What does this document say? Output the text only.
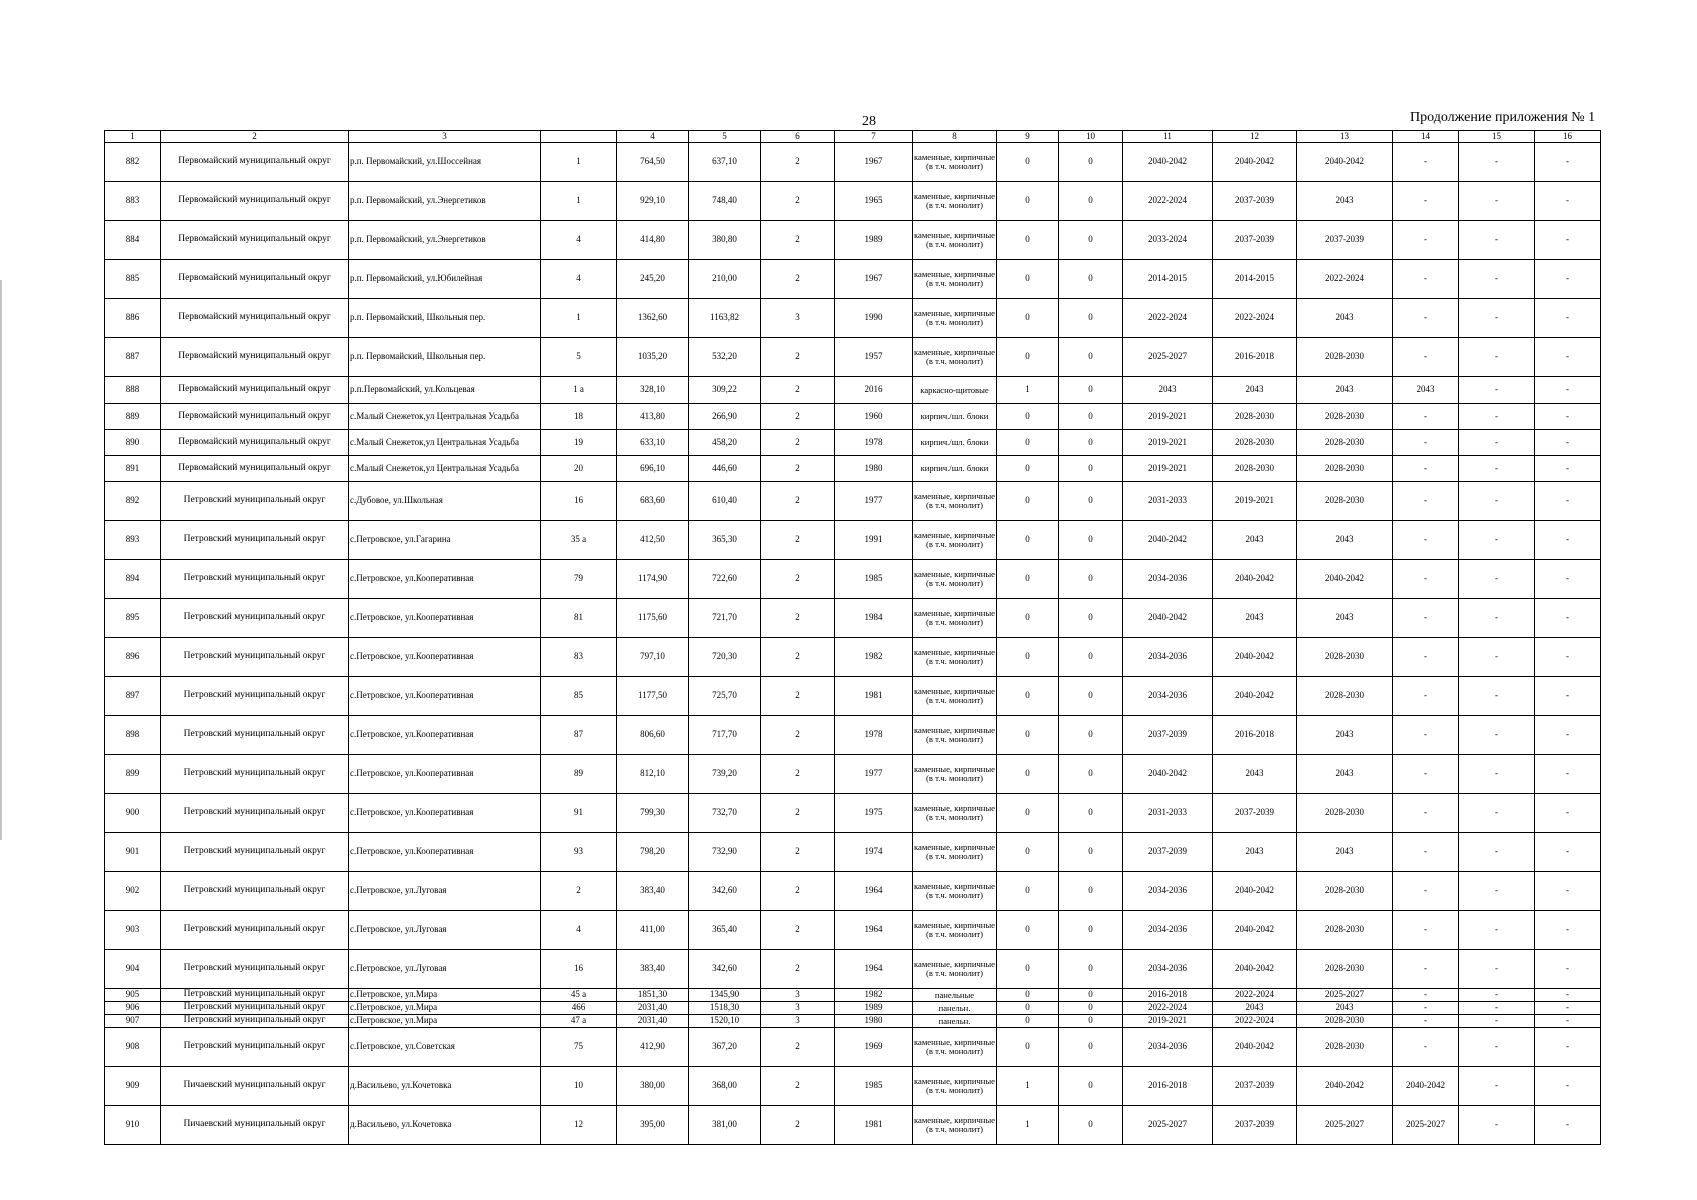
28	Продолжение приложения № 1
1	2	3		4	5	6	7	8	9	10	11	12	13	14	15	16
882	Первомайский муниципальный округ	р.п. Первомайский, ул.Шоссейная	1	764,50	637,10	2	1967	каменные, кирпичные (в т.ч. монолит)	0	0	2040-2042	2040-2042	2040-2042	-	-	-
883	Первомайский муниципальный округ	р.п. Первомайский, ул.Энергетиков	1	929,10	748,40	2	1965	каменные, кирпичные (в т.ч. монолит)	0	0	2022-2024	2037-2039	2043	-	-	-
884	Первомайский муниципальный округ	р.п. Первомайский, ул.Энергетиков	4	414,80	380,80	2	1989	каменные, кирпичные (в т.ч. монолит)	0	0	2033-2024	2037-2039	2037-2039	-	-	-
885	Первомайский муниципальный округ	р.п. Первомайский, ул.Юбилейная	4	245,20	210,00	2	1967	каменные, кирпичные (в т.ч. монолит)	0	0	2014-2015	2014-2015	2022-2024	-	-	-
886	Первомайский муниципальный округ	р.п. Первомайский, Школьныя пер.	1	1362,60	1163,82	3	1990	каменные, кирпичные (в т.ч. монолит)	0	0	2022-2024	2022-2024	2043	-	-	-
887	Первомайский муниципальный округ	р.п. Первомайский, Школьныя пер.	5	1035,20	532,20	2	1957	каменные, кирпичные (в т.ч. монолит)	0	0	2025-2027	2016-2018	2028-2030	-	-	-
888	Первомайский муниципальный округ	р.п.Первомайский, ул.Кольцевая	1 а	328,10	309,22	2	2016	каркасно-щитовые	1	0	2043	2043	2043	2043	-	-
889	Первомайский муниципальный округ	с.Малый Снежеток,ул Центральная Усадьба	18	413,80	266,90	2	1960	кирпич./шл. блоки	0	0	2019-2021	2028-2030	2028-2030	-	-	-
890	Первомайский муниципальный округ	с.Малый Снежеток,ул Центральная Усадьба	19	633,10	458,20	2	1978	кирпич./шл. блоки	0	0	2019-2021	2028-2030	2028-2030	-	-	-
891	Первомайский муниципальный округ	с.Малый Снежеток,ул Центральная Усадьба	20	696,10	446,60	2	1980	кирпич./шл. блоки	0	0	2019-2021	2028-2030	2028-2030	-	-	-
892	Петровский муниципальный округ	с.Дубовое, ул.Школьная	16	683,60	610,40	2	1977	каменные, кирпичные (в т.ч. монолит)	0	0	2031-2033	2019-2021	2028-2030	-	-	-
893	Петровский муниципальный округ	с.Петровское, ул.Гагарина	35 а	412,50	365,30	2	1991	каменные, кирпичные (в т.ч. монолит)	0	0	2040-2042	2043	2043	-	-	-
894	Петровский муниципальный округ	с.Петровское, ул.Кооперативная	79	1174,90	722,60	2	1985	каменные, кирпичные (в т.ч. монолит)	0	0	2034-2036	2040-2042	2040-2042	-	-	-
895	Петровский муниципальный округ	с.Петровское, ул.Кооперативная	81	1175,60	721,70	2	1984	каменные, кирпичные (в т.ч. монолит)	0	0	2040-2042	2043	2043	-	-	-
896	Петровский муниципальный округ	с.Петровское, ул.Кооперативная	83	797,10	720,30	2	1982	каменные, кирпичные (в т.ч. монолит)	0	0	2034-2036	2040-2042	2028-2030	-	-	-
897	Петровский муниципальный округ	с.Петровское, ул.Кооперативная	85	1177,50	725,70	2	1981	каменные, кирпичные (в т.ч. монолит)	0	0	2034-2036	2040-2042	2028-2030	-	-	-
898	Петровский муниципальный округ	с.Петровское, ул.Кооперативная	87	806,60	717,70	2	1978	каменные, кирпичные (в т.ч. монолит)	0	0	2037-2039	2016-2018	2043	-	-	-
899	Петровский муниципальный округ	с.Петровское, ул.Кооперативная	89	812,10	739,20	2	1977	каменные, кирпичные (в т.ч. монолит)	0	0	2040-2042	2043	2043	-	-	-
900	Петровский муниципальный округ	с.Петровское, ул.Кооперативная	91	799,30	732,70	2	1975	каменные, кирпичные (в т.ч. монолит)	0	0	2031-2033	2037-2039	2028-2030	-	-	-
901	Петровский муниципальный округ	с.Петровское, ул.Кооперативная	93	798,20	732,90	2	1974	каменные, кирпичные (в т.ч. монолит)	0	0	2037-2039	2043	2043	-	-	-
902	Петровский муниципальный округ	с.Петровское, ул.Луговая	2	383,40	342,60	2	1964	каменные, кирпичные (в т.ч. монолит)	0	0	2034-2036	2040-2042	2028-2030	-	-	-
903	Петровский муниципальный округ	с.Петровское, ул.Луговая	4	411,00	365,40	2	1964	каменные, кирпичные (в т.ч. монолит)	0	0	2034-2036	2040-2042	2028-2030	-	-	-
904	Петровский муниципальный округ	с.Петровское, ул.Луговая	16	383,40	342,60	2	1964	каменные, кирпичные (в т.ч. монолит)	0	0	2034-2036	2040-2042	2028-2030	-	-	-
905	Петровский муниципальный округ	с.Петровское, ул.Мира	45 а	1851,30	1345,90	3	1982	панельные	0	0	2016-2018	2022-2024	2025-2027	-	-	-
906	Петровский муниципальный округ	с.Петровское, ул.Мира	466	2031,40	1518,30	3	1989	панельн.	0	0	2022-2024	2043	2043	-	-	-
907	Петровский муниципальный округ	с.Петровское, ул.Мира	47 а	2031,40	1520,10	3	1980	панельн.	0	0	2019-2021	2022-2024	2028-2030	-	-	-
908	Петровский муниципальный округ	с.Петровское, ул.Советская	75	412,90	367,20	2	1969	каменные, кирпичные (в т.ч. монолит)	0	0	2034-2036	2040-2042	2028-2030	-	-	-
909	Пичаевский муниципальный округ	д.Васильево, ул.Кочетовка	10	380,00	368,00	2	1985	каменные, кирпичные (в т.ч. монолит)	1	0	2016-2018	2037-2039	2040-2042	2040-2042	-	-
910	Пичаевский муниципальный округ	д.Васильево, ул.Кочетовка	12	395,00	381,00	2	1981	каменные, кирпичные (в т.ч. монолит)	1	0	2025-2027	2037-2039	2025-2027	2025-2027	-	-
